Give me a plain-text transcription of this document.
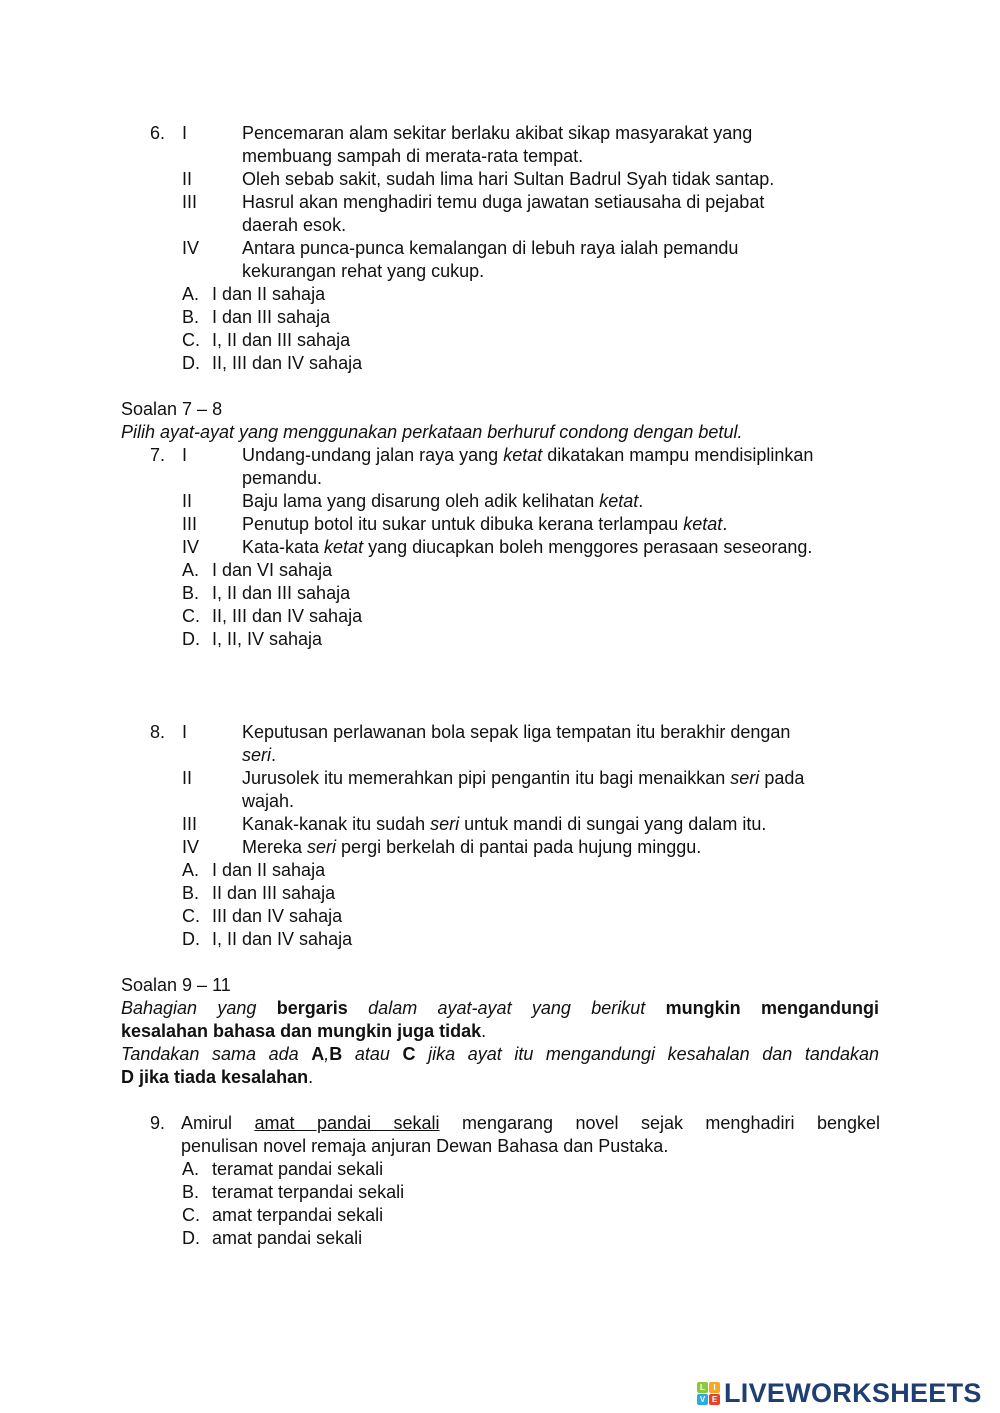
6. I	Pencemaran alam sekitar berlaku akibat sikap masyarakat yang
membuang sampah di merata-rata tempat.
II	Oleh sebab sakit, sudah lima hari Sultan Badrul Syah tidak santap.
III Hasrul akan menghadiri temu duga jawatan setiausaha di pejabat
daerah esok.
IV Antara punca-punca kemalangan di lebuh raya ialah pemandu
kekurangan rehat yang cukup.
A. I dan II sahaja
B. I dan III sahaja
C. I, II dan III sahaja
D. II, III dan IV sahaja
Soalan 7 – 8
Pilih ayat-ayat yang menggunakan perkataan berhuruf condong dengan betul.
7. I	Undang-undang jalan raya yang ketat dikatakan mampu mendisiplinkan
pemandu.
II	Baju lama yang disarung oleh adik kelihatan ketat.
III Penutup botol itu sukar untuk dibuka kerana terlampau ketat.
IV Kata-kata ketat yang diucapkan boleh menggores perasaan seseorang.
A. I dan VI sahaja
B. I, II dan III sahaja
C. II, III dan IV sahaja
D. I, II, IV sahaja
8. I	Keputusan perlawanan bola sepak liga tempatan itu berakhir dengan
seri.
II	Jurusolek itu memerahkan pipi pengantin itu bagi menaikkan seri pada
wajah.
III Kanak-kanak itu sudah seri untuk mandi di sungai yang dalam itu.
IV Mereka seri pergi berkelah di pantai pada hujung minggu.
A. I dan II sahaja
B. II dan III sahaja
C. III dan IV sahaja
D. I, II dan IV sahaja
Soalan 9 – 11
Bahagian yang bergaris dalam ayat-ayat yang berikut mungkin mengandungi
kesalahan bahasa dan mungkin juga tidak.
Tandakan sama ada A,B atau C jika ayat itu mengandungi kesahalan dan tandakan
D jika tiada kesalahan.
9. Amirul amat pandai sekali mengarang novel sejak menghadiri bengkel
penulisan novel remaja anjuran Dewan Bahasa dan Pustaka.
A. teramat pandai sekali
B. teramat terpandai sekali
C. amat terpandai sekali
D. amat pandai sekali
L	I
V E LIVEWORKSHEETS
